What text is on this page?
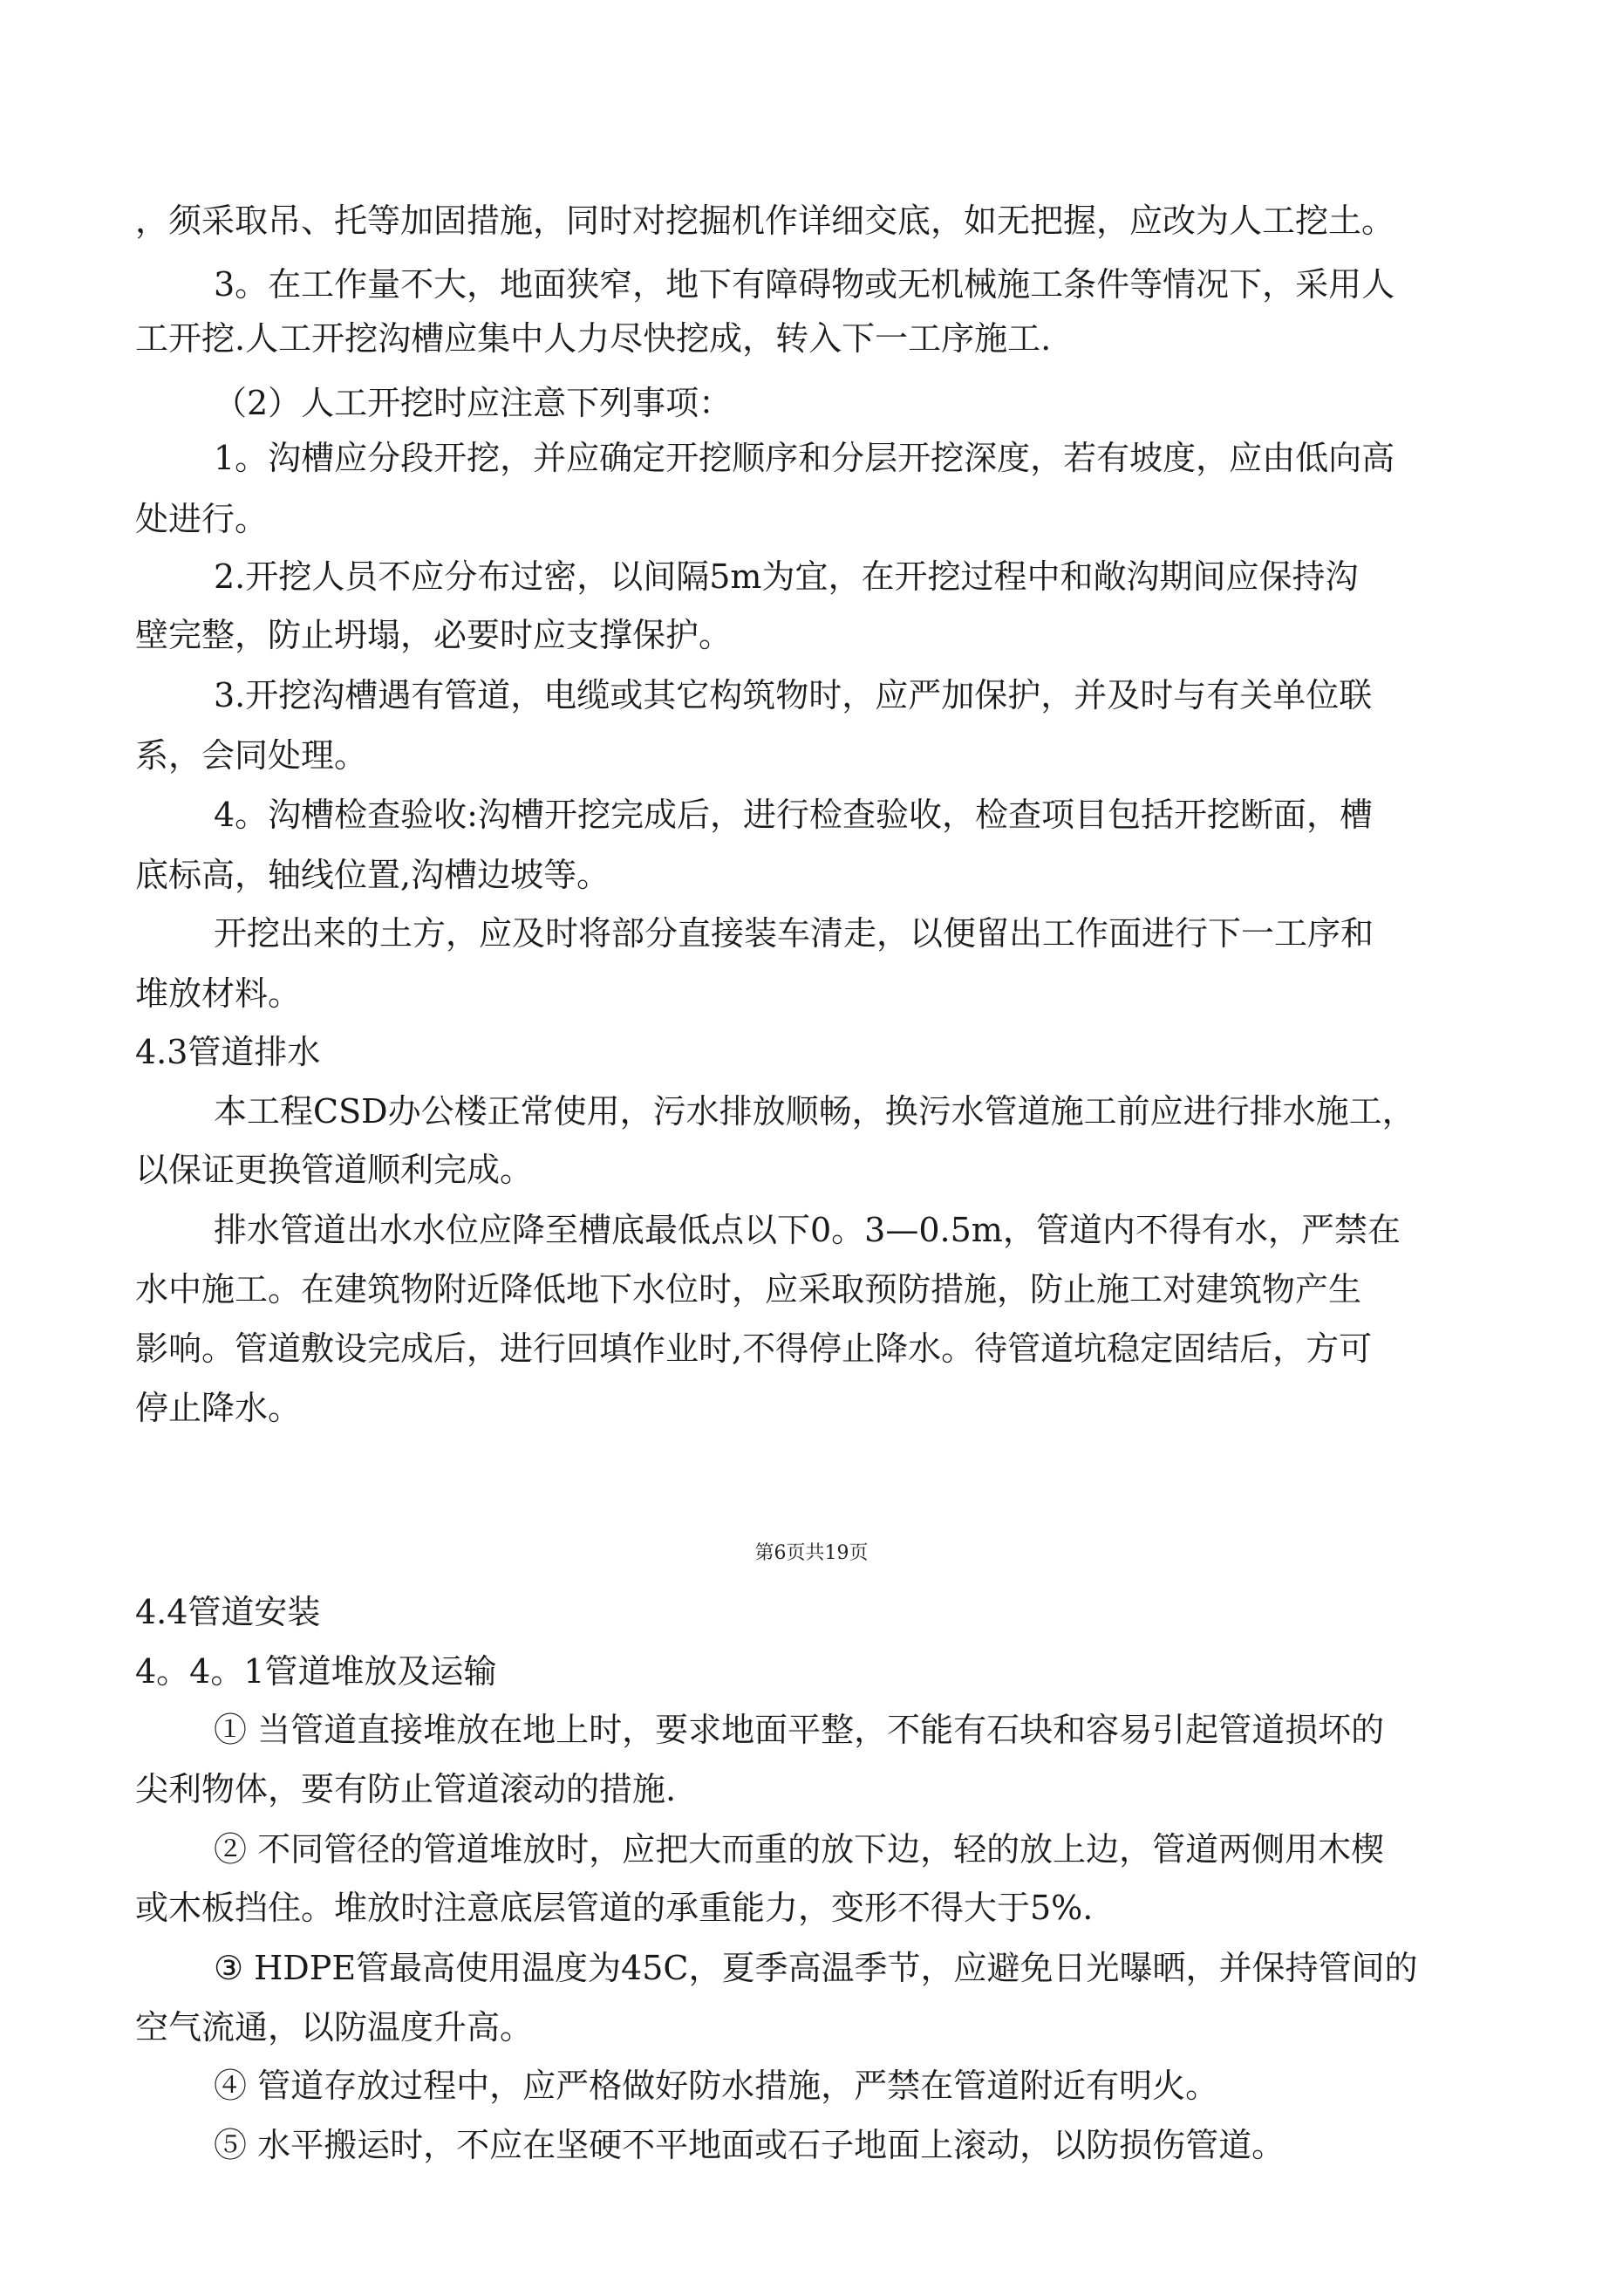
，须采取吊、托等加固措施，同时对挖掘机作详细交底，如无把握，应改为人工挖土。
3。在工作量不大，地面狭窄，地下有障碍物或无机械施工条件等情况下，采用人
工开挖.人工开挖沟槽应集中人力尽快挖成，转入下一工序施工.
（2）人工开挖时应注意下列事项：
1。沟槽应分段开挖，并应确定开挖顺序和分层开挖深度，若有坡度，应由低向高
处进行。
2.开挖人员不应分布过密，以间隔5m为宜，在开挖过程中和敞沟期间应保持沟
壁完整，防止坍塌，必要时应支撑保护。
3.开挖沟槽遇有管道，电缆或其它构筑物时，应严加保护，并及时与有关单位联
系，会同处理。
4。沟槽检查验收:沟槽开挖完成后，进行检查验收，检查项目包括开挖断面，槽
底标高，轴线位置,沟槽边坡等。
开挖出来的土方，应及时将部分直接装车清走，以便留出工作面进行下一工序和
堆放材料。
4.3管道排水
本工程CSD办公楼正常使用，污水排放顺畅，换污水管道施工前应进行排水施工，
以保证更换管道顺利完成。
排水管道出水水位应降至槽底最低点以下0。3—0.5m，管道内不得有水，严禁在
水中施工。在建筑物附近降低地下水位时，应采取预防措施，防止施工对建筑物产生
影响。管道敷设完成后，进行回填作业时,不得停止降水。待管道坑稳定固结后，方可
停止降水。
第6页共19页
4.4管道安装
4。4。1管道堆放及运输
① 当管道直接堆放在地上时，要求地面平整，不能有石块和容易引起管道损坏的
尖利物体，要有防止管道滚动的措施.
② 不同管径的管道堆放时，应把大而重的放下边，轻的放上边，管道两侧用木楔
或木板挡住。堆放时注意底层管道的承重能力，变形不得大于5%.
③ HDPE管最高使用温度为45C，夏季高温季节，应避免日光曝晒，并保持管间的
空气流通，以防温度升高。
④ 管道存放过程中，应严格做好防水措施，严禁在管道附近有明火。
⑤ 水平搬运时，不应在坚硬不平地面或石子地面上滚动，以防损伤管道。
